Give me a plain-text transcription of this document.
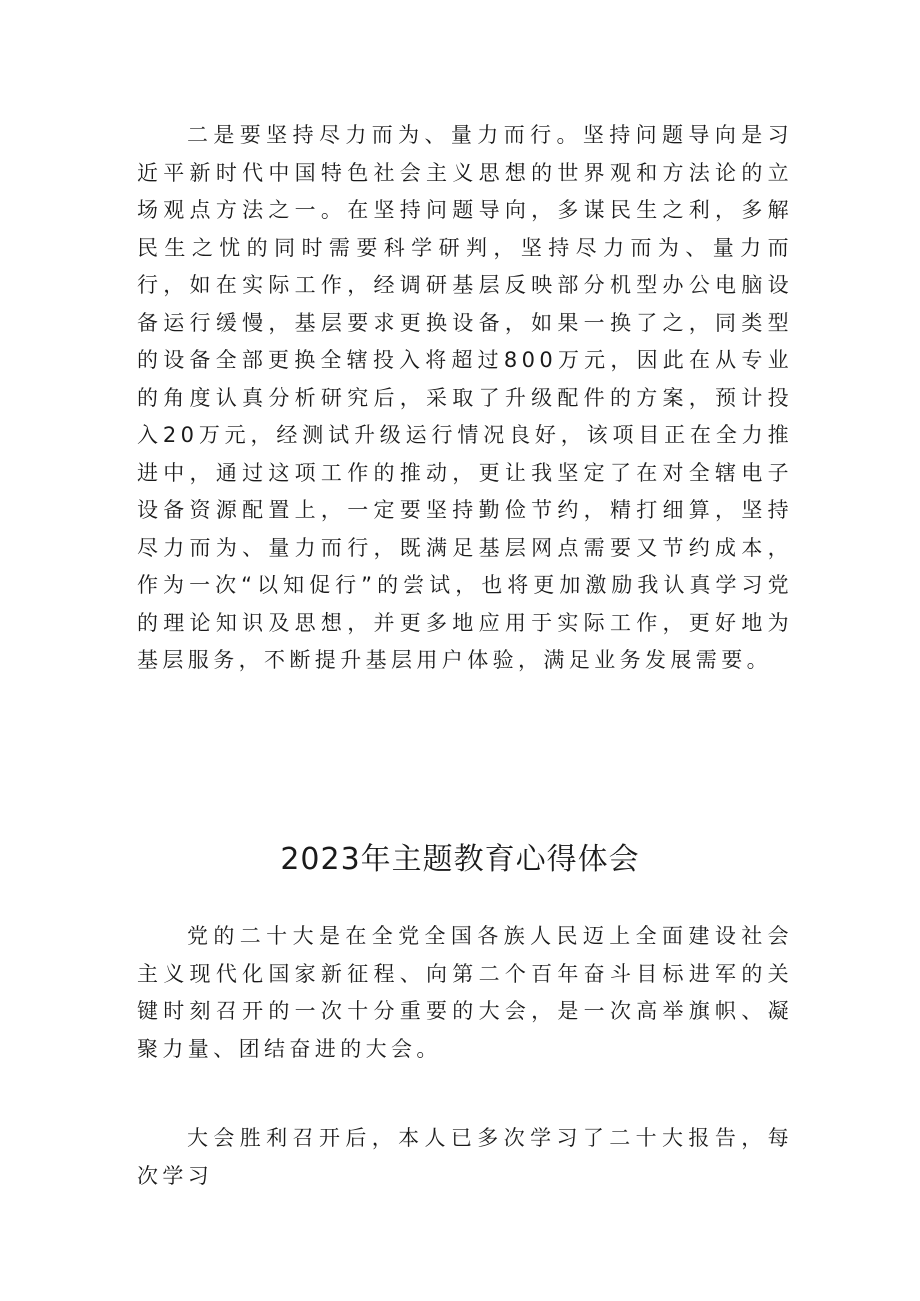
二是要坚持尽力而为、量力而行。坚持问题导向是习近平新时代中国特色社会主义思想的世界观和方法论的立场观点方法之一。在坚持问题导向，多谋民生之利，多解民生之忧的同时需要科学研判，坚持尽力而为、量力而行，如在实际工作，经调研基层反映部分机型办公电脑设备运行缓慢，基层要求更换设备，如果一换了之，同类型的设备全部更换全辖投入将超过800万元，因此在从专业的角度认真分析研究后，采取了升级配件的方案，预计投入20万元，经测试升级运行情况良好，该项目正在全力推进中，通过这项工作的推动，更让我坚定了在对全辖电子设备资源配置上，一定要坚持勤俭节约，精打细算，坚持尽力而为、量力而行，既满足基层网点需要又节约成本，作为一次“以知促行”的尝试，也将更加激励我认真学习党的理论知识及思想，并更多地应用于实际工作，更好地为基层服务，不断提升基层用户体验，满足业务发展需要。

2023年主题教育心得体会

党的二十大是在全党全国各族人民迈上全面建设社会主义现代化国家新征程、向第二个百年奋斗目标进军的关键时刻召开的一次十分重要的大会，是一次高举旗帜、凝聚力量、团结奋进的大会。

大会胜利召开后，本人已多次学习了二十大报告，每次学习
